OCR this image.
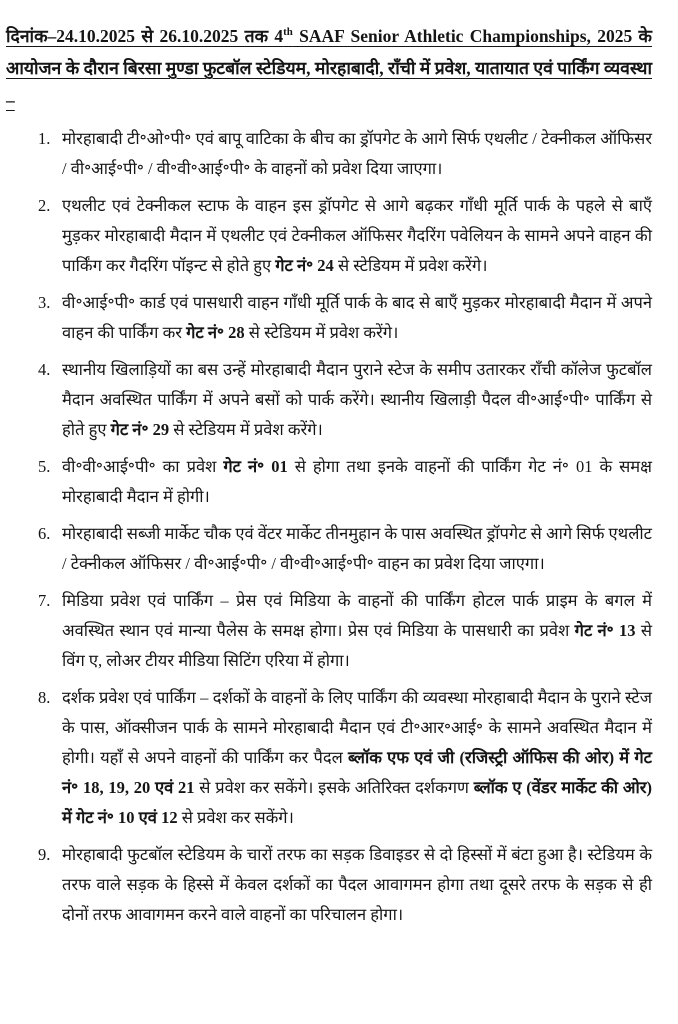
दिनांक–24.10.2025 से 26.10.2025 तक 4th SAAF Senior Athletic Championships, 2025 के आयोजन के दौरान बिरसा मुण्डा फुटबॉल स्टेडियम, मोरहाबादी, राँची में प्रवेश, यातायात एवं पार्किंग व्यवस्था –
1. मोरहाबादी टी॰ओ॰पी॰ एवं बापू वाटिका के बीच का ड्रॉपगेट के आगे सिर्फ एथलीट / टेक्नीकल ऑफिसर / वी॰आई॰पी॰ / वी॰वी॰आई॰पी॰ के वाहनों को प्रवेश दिया जाएगा।
2. एथलीट एवं टेक्नीकल स्टाफ के वाहन इस ड्रॉपगेट से आगे बढ़कर गाँधी मूर्ति पार्क के पहले से बाएँ मुड़कर मोरहाबादी मैदान में एथलीट एवं टेक्नीकल ऑफिसर गैदरिंग पवेलियन के सामने अपने वाहन की पार्किंग कर गैदरिंग पॉइन्ट से होते हुए गेट नं॰ 24 से स्टेडियम में प्रवेश करेंगे।
3. वी॰आई॰पी॰ कार्ड एवं पासधारी वाहन गाँधी मूर्ति पार्क के बाद से बाएँ मुड़कर मोरहाबादी मैदान में अपने वाहन की पार्किंग कर गेट नं॰ 28 से स्टेडियम में प्रवेश करेंगे।
4. स्थानीय खिलाड़ियों का बस उन्हें मोरहाबादी मैदान पुराने स्टेज के समीप उतारकर राँची कॉलेज फुटबॉल मैदान अवस्थित पार्किंग में अपने बसों को पार्क करेंगे। स्थानीय खिलाड़ी पैदल वी॰आई॰पी॰ पार्किंग से होते हुए गेट नं॰ 29 से स्टेडियम में प्रवेश करेंगे।
5. वी॰वी॰आई॰पी॰ का प्रवेश गेट नं॰ 01 से होगा तथा इनके वाहनों की पार्किंग गेट नं॰ 01 के समक्ष मोरहाबादी मैदान में होगी।
6. मोरहाबादी सब्जी मार्केट चौक एवं वेंटर मार्केट तीनमुहान के पास अवस्थित ड्रॉपगेट से आगे सिर्फ एथलीट / टेक्नीकल ऑफिसर / वी॰आई॰पी॰ / वी॰वी॰आई॰पी॰ वाहन का प्रवेश दिया जाएगा।
7. मिडिया प्रवेश एवं पार्किंग – प्रेस एवं मिडिया के वाहनों की पार्किंग होटल पार्क प्राइम के बगल में अवस्थित स्थान एवं मान्या पैलेस के समक्ष होगा। प्रेस एवं मिडिया के पासधारी का प्रवेश गेट नं॰ 13 से विंग ए, लोअर टीयर मीडिया सिटिंग एरिया में होगा।
8. दर्शक प्रवेश एवं पार्किंग – दर्शकों के वाहनों के लिए पार्किंग की व्यवस्था मोरहाबादी मैदान के पुराने स्टेज के पास, ऑक्सीजन पार्क के सामने मोरहाबादी मैदान एवं टी॰आर॰आई॰ के सामने अवस्थित मैदान में होगी। यहाँ से अपने वाहनों की पार्किंग कर पैदल ब्लॉक एफ एवं जी (रजिस्ट्री ऑफिस की ओर) में गेट नं॰ 18, 19, 20 एवं 21 से प्रवेश कर सकेंगे। इसके अतिरिक्त दर्शकगण ब्लॉक ए (वेंडर मार्केट की ओर) में गेट नं॰ 10 एवं 12 से प्रवेश कर सकेंगे।
9. मोरहाबादी फुटबॉल स्टेडियम के चारों तरफ का सड़क डिवाइडर से दो हिस्सों में बंटा हुआ है। स्टेडियम के तरफ वाले सड़क के हिस्से में केवल दर्शकों का पैदल आवागमन होगा तथा दूसरे तरफ के सड़क से ही दोनों तरफ आवागमन करने वाले वाहनों का परिचालन होगा।
